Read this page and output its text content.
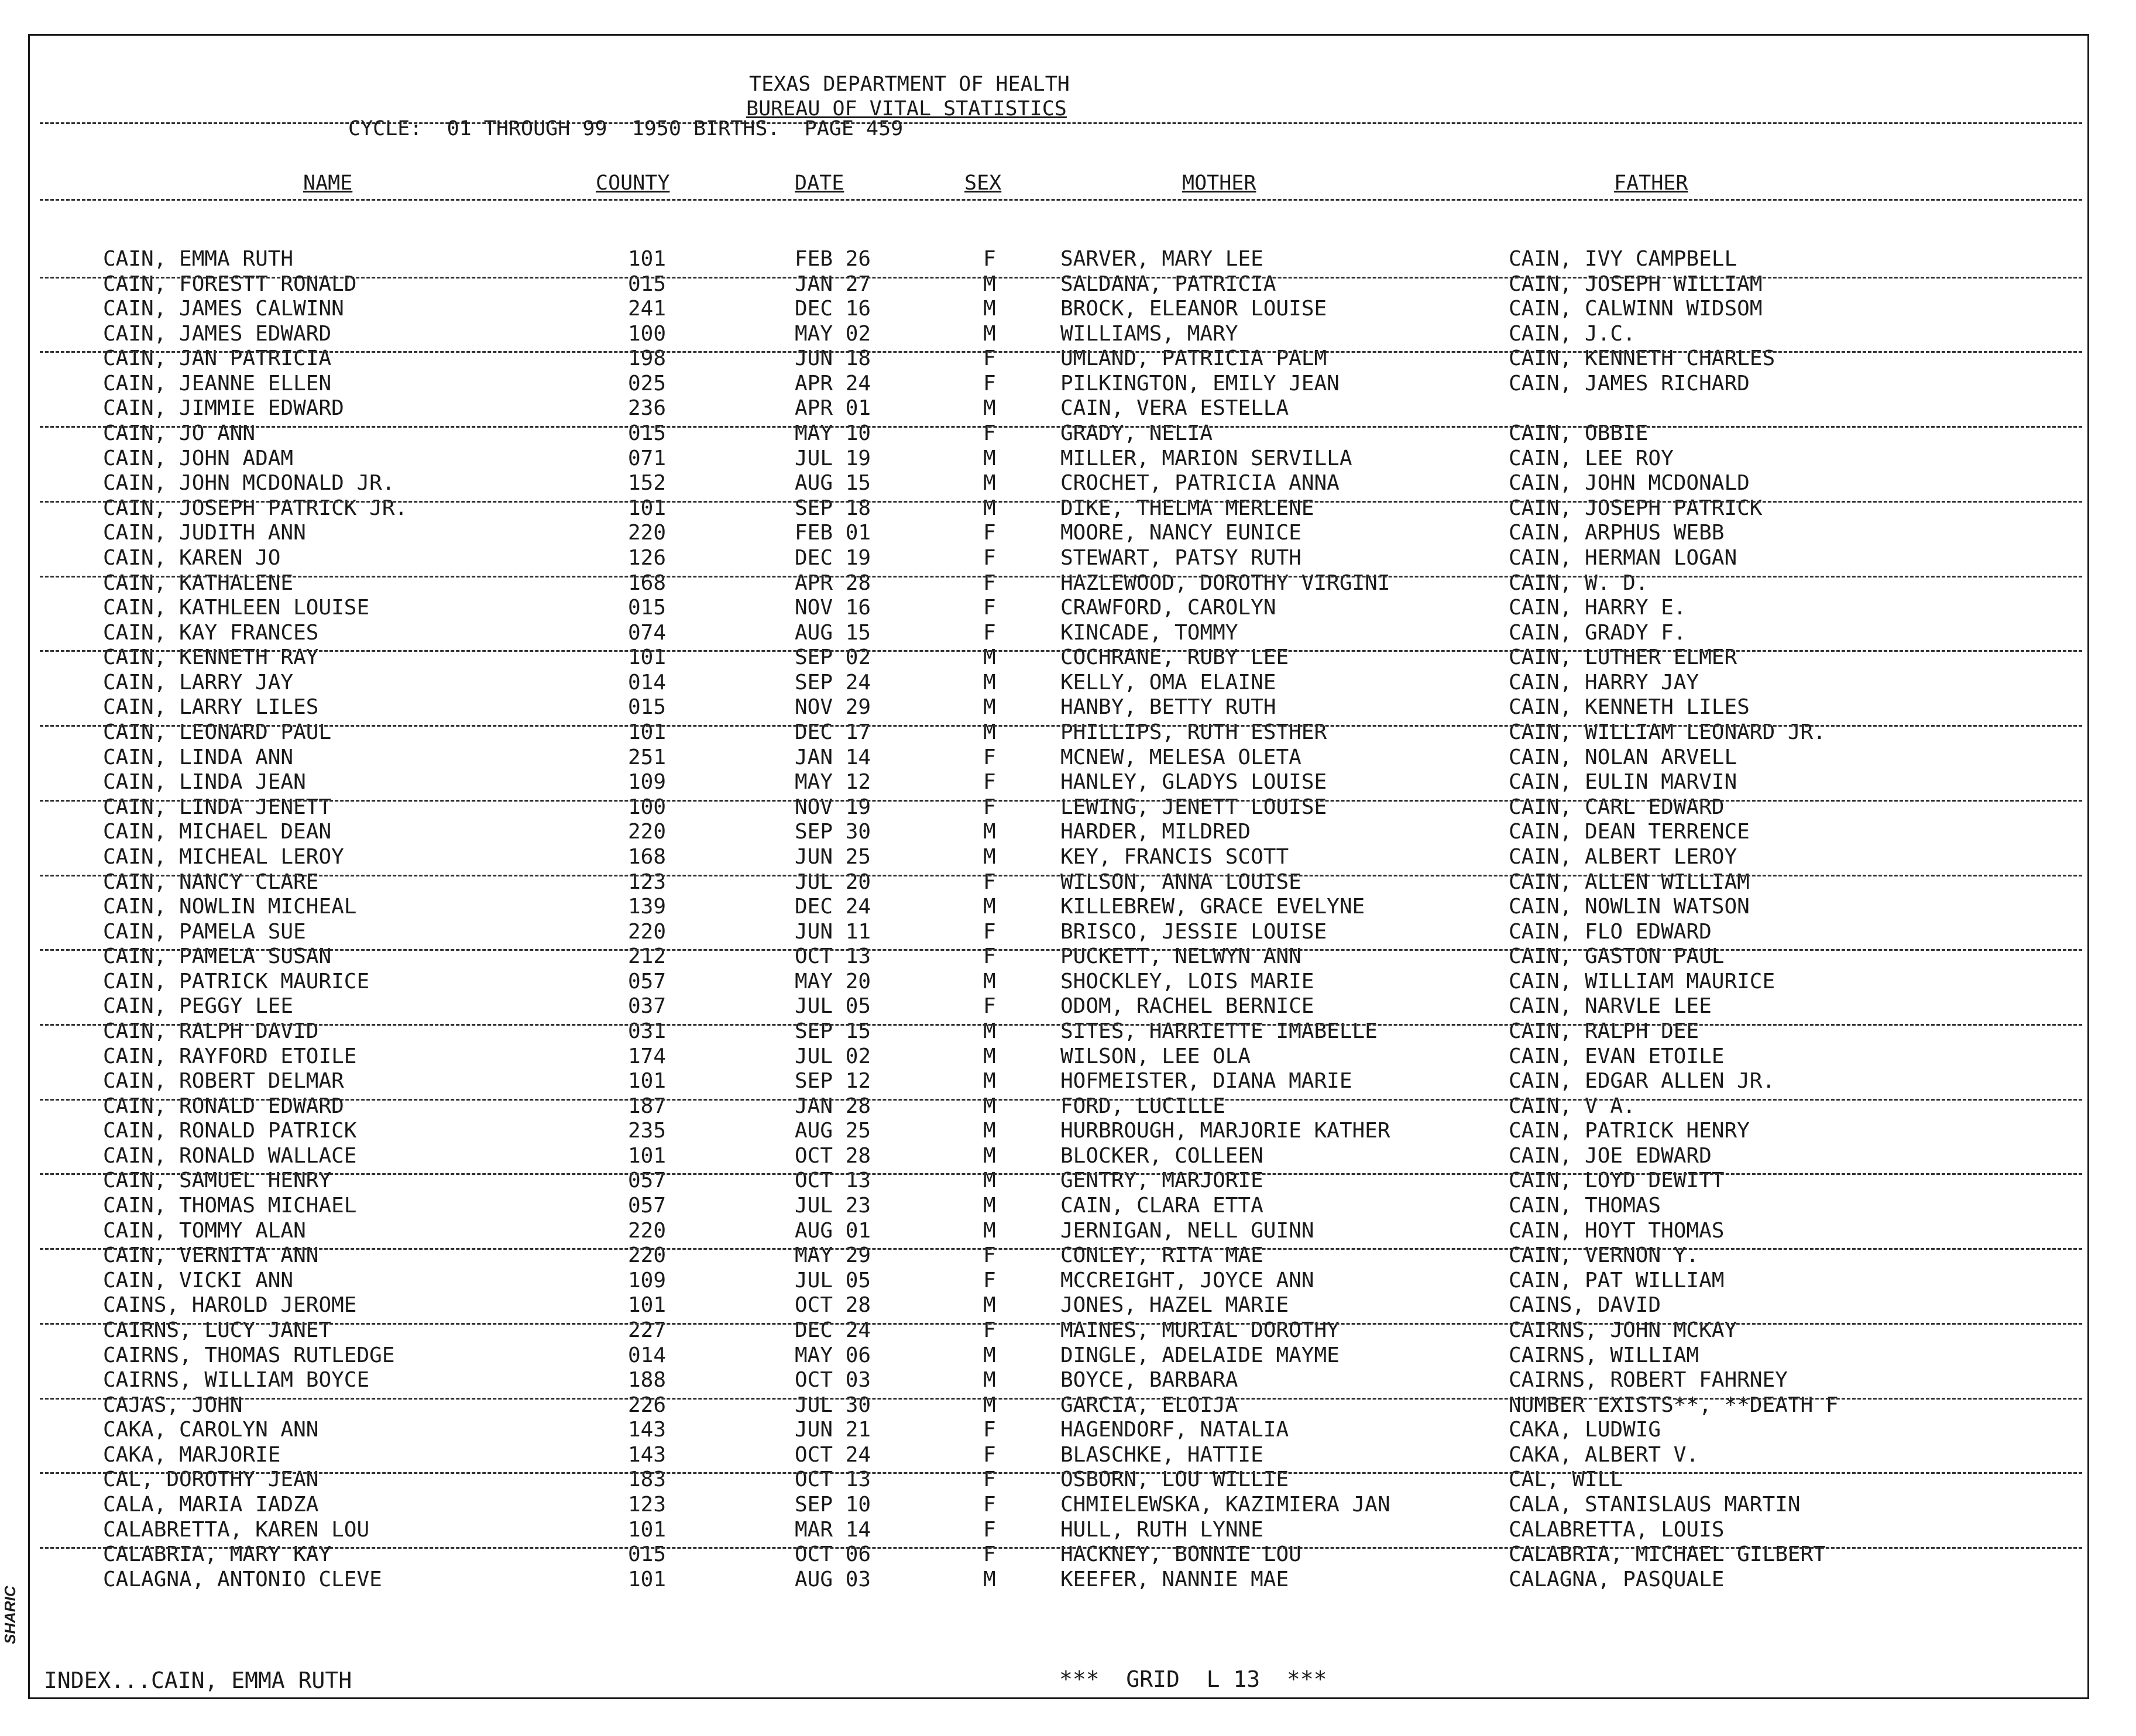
TEXAS DEPARTMENT OF HEALTH
BUREAU OF VITAL STATISTICS
CYCLE:  01 THROUGH 99  1950 BIRTHS.  PAGE 459
NAME	COUNTY	DATE	SEX	MOTHER	FATHER
CAIN, EMMA RUTH	101	FEB 26	F	SARVER, MARY LEE	CAIN, IVY CAMPBELL
CAIN, FORESTT RONALD	015	JAN 27	M	SALDANA, PATRICIA	CAIN, JOSEPH WILLIAM
CAIN, JAMES CALWINN	241	DEC 16	M	BROCK, ELEANOR LOUISE	CAIN, CALWINN WIDSOM
CAIN, JAMES EDWARD	100	MAY 02	M	WILLIAMS, MARY	CAIN, J.C.
CAIN, JAN PATRICIA	198	JUN 18	F	UMLAND, PATRICIA PALM	CAIN, KENNETH CHARLES
CAIN, JEANNE ELLEN	025	APR 24	F	PILKINGTON, EMILY JEAN	CAIN, JAMES RICHARD
CAIN, JIMMIE EDWARD	236	APR 01	M	CAIN, VERA ESTELLA
CAIN, JO ANN	015	MAY 10	F	GRADY, NELIA	CAIN, OBBIE
CAIN, JOHN ADAM	071	JUL 19	M	MILLER, MARION SERVILLA	CAIN, LEE ROY
CAIN, JOHN MCDONALD JR.	152	AUG 15	M	CROCHET, PATRICIA ANNA	CAIN, JOHN MCDONALD
CAIN, JOSEPH PATRICK JR.	101	SEP 18	M	DIKE, THELMA MERLENE	CAIN, JOSEPH PATRICK
CAIN, JUDITH ANN	220	FEB 01	F	MOORE, NANCY EUNICE	CAIN, ARPHUS WEBB
CAIN, KAREN JO	126	DEC 19	F	STEWART, PATSY RUTH	CAIN, HERMAN LOGAN
CAIN, KATHALENE	168	APR 28	F	HAZLEWOOD, DOROTHY VIRGINI	CAIN, W. D.
CAIN, KATHLEEN LOUISE	015	NOV 16	F	CRAWFORD, CAROLYN	CAIN, HARRY E.
CAIN, KAY FRANCES	074	AUG 15	F	KINCADE, TOMMY	CAIN, GRADY F.
CAIN, KENNETH RAY	101	SEP 02	M	COCHRANE, RUBY LEE	CAIN, LUTHER ELMER
CAIN, LARRY JAY	014	SEP 24	M	KELLY, OMA ELAINE	CAIN, HARRY JAY
CAIN, LARRY LILES	015	NOV 29	M	HANBY, BETTY RUTH	CAIN, KENNETH LILES
CAIN, LEONARD PAUL	101	DEC 17	M	PHILLIPS, RUTH ESTHER	CAIN, WILLIAM LEONARD JR.
CAIN, LINDA ANN	251	JAN 14	F	MCNEW, MELESA OLETA	CAIN, NOLAN ARVELL
CAIN, LINDA JEAN	109	MAY 12	F	HANLEY, GLADYS LOUISE	CAIN, EULIN MARVIN
CAIN, LINDA JENETT	100	NOV 19	F	LEWING, JENETT LOUISE	CAIN, CARL EDWARD
CAIN, MICHAEL DEAN	220	SEP 30	M	HARDER, MILDRED	CAIN, DEAN TERRENCE
CAIN, MICHEAL LEROY	168	JUN 25	M	KEY, FRANCIS SCOTT	CAIN, ALBERT LEROY
CAIN, NANCY CLARE	123	JUL 20	F	WILSON, ANNA LOUISE	CAIN, ALLEN WILLIAM
CAIN, NOWLIN MICHEAL	139	DEC 24	M	KILLEBREW, GRACE EVELYNE	CAIN, NOWLIN WATSON
CAIN, PAMELA SUE	220	JUN 11	F	BRISCO, JESSIE LOUISE	CAIN, FLO EDWARD
CAIN, PAMELA SUSAN	212	OCT 13	F	PUCKETT, NELWYN ANN	CAIN, GASTON PAUL
CAIN, PATRICK MAURICE	057	MAY 20	M	SHOCKLEY, LOIS MARIE	CAIN, WILLIAM MAURICE
CAIN, PEGGY LEE	037	JUL 05	F	ODOM, RACHEL BERNICE	CAIN, NARVLE LEE
CAIN, RALPH DAVID	031	SEP 15	M	SITES, HARRIETTE IMABELLE	CAIN, RALPH DEE
CAIN, RAYFORD ETOILE	174	JUL 02	M	WILSON, LEE OLA	CAIN, EVAN ETOILE
CAIN, ROBERT DELMAR	101	SEP 12	M	HOFMEISTER, DIANA MARIE	CAIN, EDGAR ALLEN JR.
CAIN, RONALD EDWARD	187	JAN 28	M	FORD, LUCILLE	CAIN, V A.
CAIN, RONALD PATRICK	235	AUG 25	M	HURBROUGH, MARJORIE KATHER	CAIN, PATRICK HENRY
CAIN, RONALD WALLACE	101	OCT 28	M	BLOCKER, COLLEEN	CAIN, JOE EDWARD
CAIN, SAMUEL HENRY	057	OCT 13	M	GENTRY, MARJORIE	CAIN, LOYD DEWITT
CAIN, THOMAS MICHAEL	057	JUL 23	M	CAIN, CLARA ETTA	CAIN, THOMAS
CAIN, TOMMY ALAN	220	AUG 01	M	JERNIGAN, NELL GUINN	CAIN, HOYT THOMAS
CAIN, VERNITA ANN	220	MAY 29	F	CONLEY, RITA MAE	CAIN, VERNON Y.
CAIN, VICKI ANN	109	JUL 05	F	MCCREIGHT, JOYCE ANN	CAIN, PAT WILLIAM
CAINS, HAROLD JEROME	101	OCT 28	M	JONES, HAZEL MARIE	CAINS, DAVID
CAIRNS, LUCY JANET	227	DEC 24	F	MAINES, MURIAL DOROTHY	CAIRNS, JOHN MCKAY
CAIRNS, THOMAS RUTLEDGE	014	MAY 06	M	DINGLE, ADELAIDE MAYME	CAIRNS, WILLIAM
CAIRNS, WILLIAM BOYCE	188	OCT 03	M	BOYCE, BARBARA	CAIRNS, ROBERT FAHRNEY
CAJAS, JOHN	226	JUL 30	M	GARCIA, ELOIJA	NUMBER EXISTS**, **DEATH F
CAKA, CAROLYN ANN	143	JUN 21	F	HAGENDORF, NATALIA	CAKA, LUDWIG
CAKA, MARJORIE	143	OCT 24	F	BLASCHKE, HATTIE	CAKA, ALBERT V.
CAL, DOROTHY JEAN	183	OCT 13	F	OSBORN, LOU WILLIE	CAL, WILL
CALA, MARIA IADZA	123	SEP 10	F	CHMIELEWSKA, KAZIMIERA JAN	CALA, STANISLAUS MARTIN
CALABRETTA, KAREN LOU	101	MAR 14	F	HULL, RUTH LYNNE	CALABRETTA, LOUIS
CALABRIA, MARY KAY	015	OCT 06	F	HACKNEY, BONNIE LOU	CALABRIA, MICHAEL GILBERT
CALAGNA, ANTONIO CLEVE	101	AUG 03	M	KEEFER, NANNIE MAE	CALAGNA, PASQUALE
INDEX...CAIN, EMMA RUTH	***  GRID  L 13  ***
SHARIC
